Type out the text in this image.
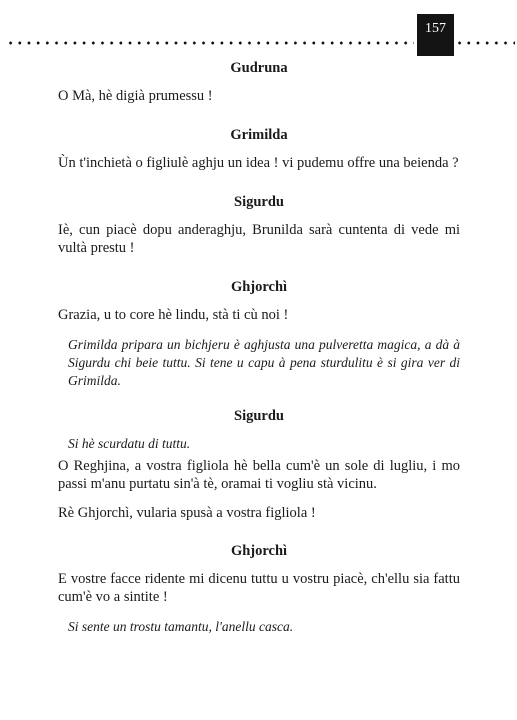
157

Gudruna

O Mà, hè digià prumessu !

Grimilda

Ùn t'inchietà o figliulè aghju un idea ! vi pudemu offre una beienda ?

Sigurdu

Iè, cun piacè dopu anderaghju, Brunilda sarà cuntenta di vede mi vultà prestu !

Ghjorchì

Grazia, u to core hè lindu, stà ti cù noi !

Grimilda pripara un bichjeru è aghjusta una pulveretta magica, a dà à Sigurdu chi beie tuttu. Si tene u capu à pena sturdulitu è si gira ver di Grimilda.

Sigurdu

Si hè scurdatu di tuttu.

O Reghjina, a vostra figliola hè bella cum'è un sole di lugliu, i mo passi m'anu purtatu sin'à tè, oramai ti vogliu stà vicinu.

Rè Ghjorchì, vularia spusà a vostra figliola !

Ghjorchì

E vostre facce ridente mi dicenu tuttu u vostru piacè, ch'ellu sia fattu cum'è vo a sintite !

Si sente un trostu tamantu, l'anellu casca.
